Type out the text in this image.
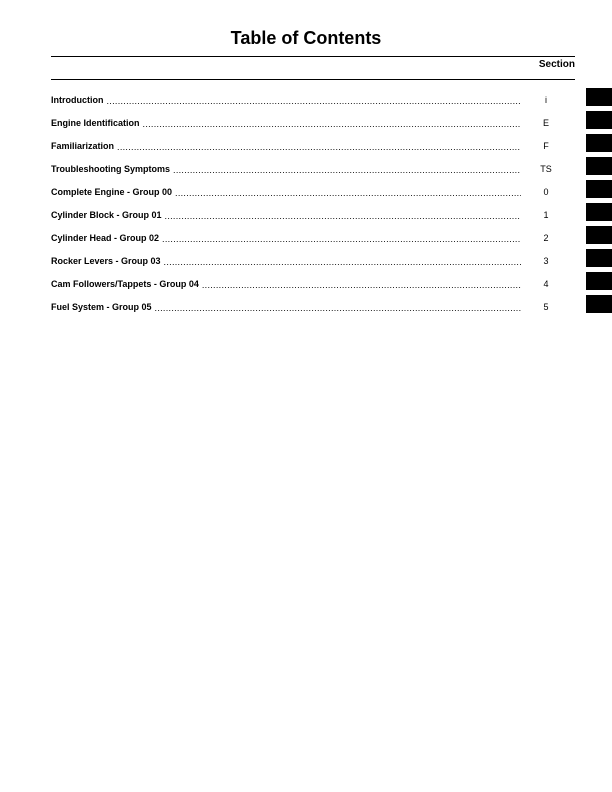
Table of Contents
Section
Introduction .....	i
Engine Identification .....	E
Familiarization .....	F
Troubleshooting Symptoms .....	TS
Complete Engine - Group 00 .....	0
Cylinder Block - Group 01 .....	1
Cylinder Head - Group 02 .....	2
Rocker Levers - Group 03 .....	3
Cam Followers/Tappets - Group 04 .....	4
Fuel System - Group 05 .....	5
